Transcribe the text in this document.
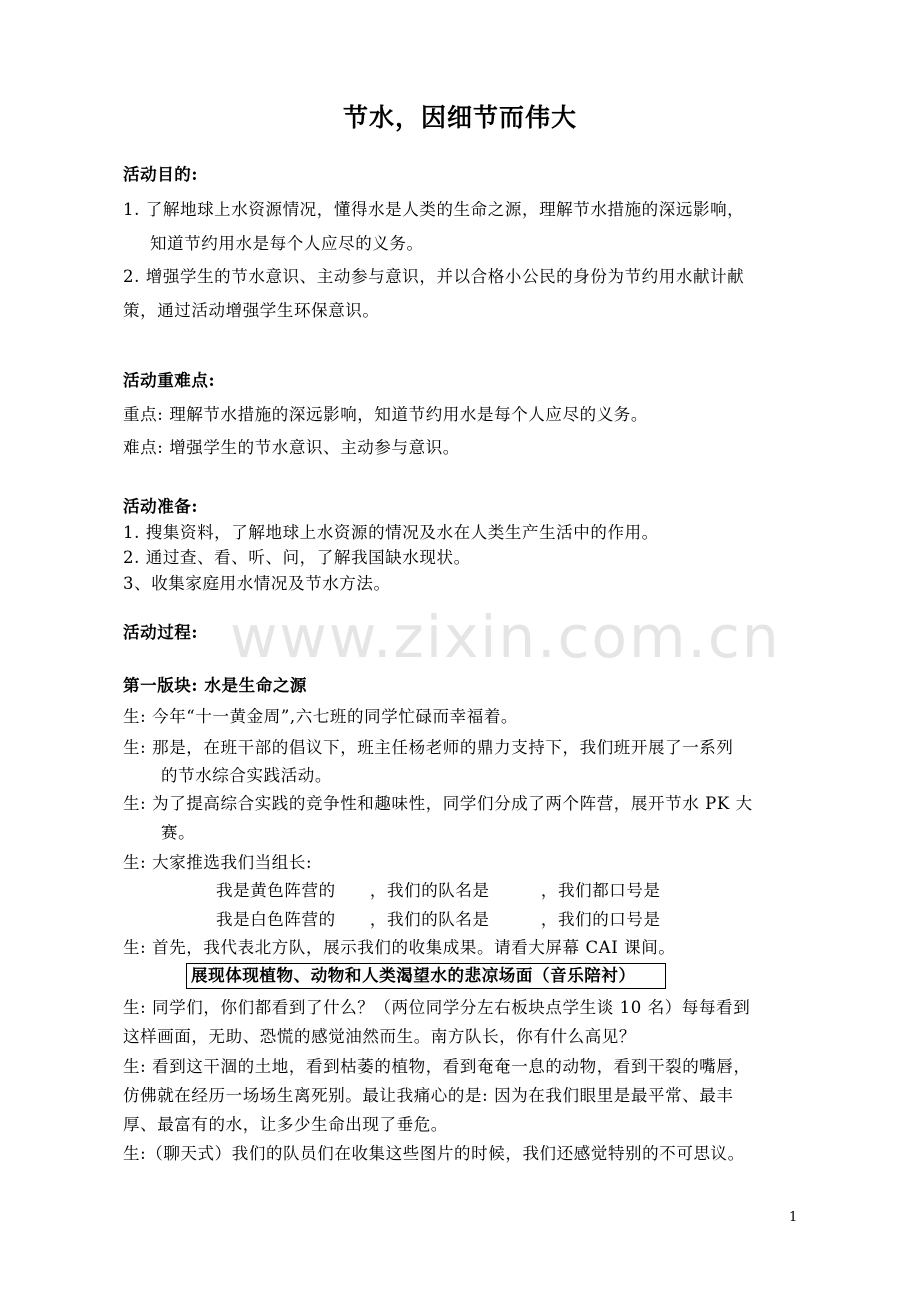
www.zixin.com.cn
节水，因细节而伟大
活动目的:
1. 了解地球上水资源情况，懂得水是人类的生命之源，理解节水措施的深远影响，
知道节约用水是每个人应尽的义务。
2. 增强学生的节水意识、主动参与意识，并以合格小公民的身份为节约用水献计献
策，通过活动增强学生环保意识。
活动重难点:
重点: 理解节水措施的深远影响，知道节约用水是每个人应尽的义务。
难点: 增强学生的节水意识、主动参与意识。
活动准备:
1. 搜集资料，了解地球上水资源的情况及水在人类生产生活中的作用。
2. 通过查、看、听、问，了解我国缺水现状。
3、收集家庭用水情况及节水方法。
活动过程:
第一版块: 水是生命之源
生: 今年“十一黄金周”,六七班的同学忙碌而幸福着。
生: 那是，在班干部的倡议下，班主任杨老师的鼎力支持下，我们班开展了一系列
的节水综合实践活动。
生: 为了提高综合实践的竞争性和趣味性，同学们分成了两个阵营，展开节水 PK 大
赛。
生: 大家推选我们当组长:
我是黄色阵营的　　，我们的队名是　　　，我们都口号是
我是白色阵营的　　，我们的队名是　　　，我们的口号是
生: 首先，我代表北方队，展示我们的收集成果。请看大屏幕 CAI 课间。
展现体现植物、动物和人类渴望水的悲凉场面（音乐陪衬）
生: 同学们，你们都看到了什么？（两位同学分左右板块点学生谈 10 名）每每看到
这样画面，无助、恐慌的感觉油然而生。南方队长，你有什么高见？
生: 看到这干涸的土地，看到枯萎的植物，看到奄奄一息的动物，看到干裂的嘴唇，
仿佛就在经历一场场生离死别。最让我痛心的是: 因为在我们眼里是最平常、最丰
厚、最富有的水，让多少生命出现了垂危。
生:（聊天式）我们的队员们在收集这些图片的时候，我们还感觉特别的不可思议。
1
